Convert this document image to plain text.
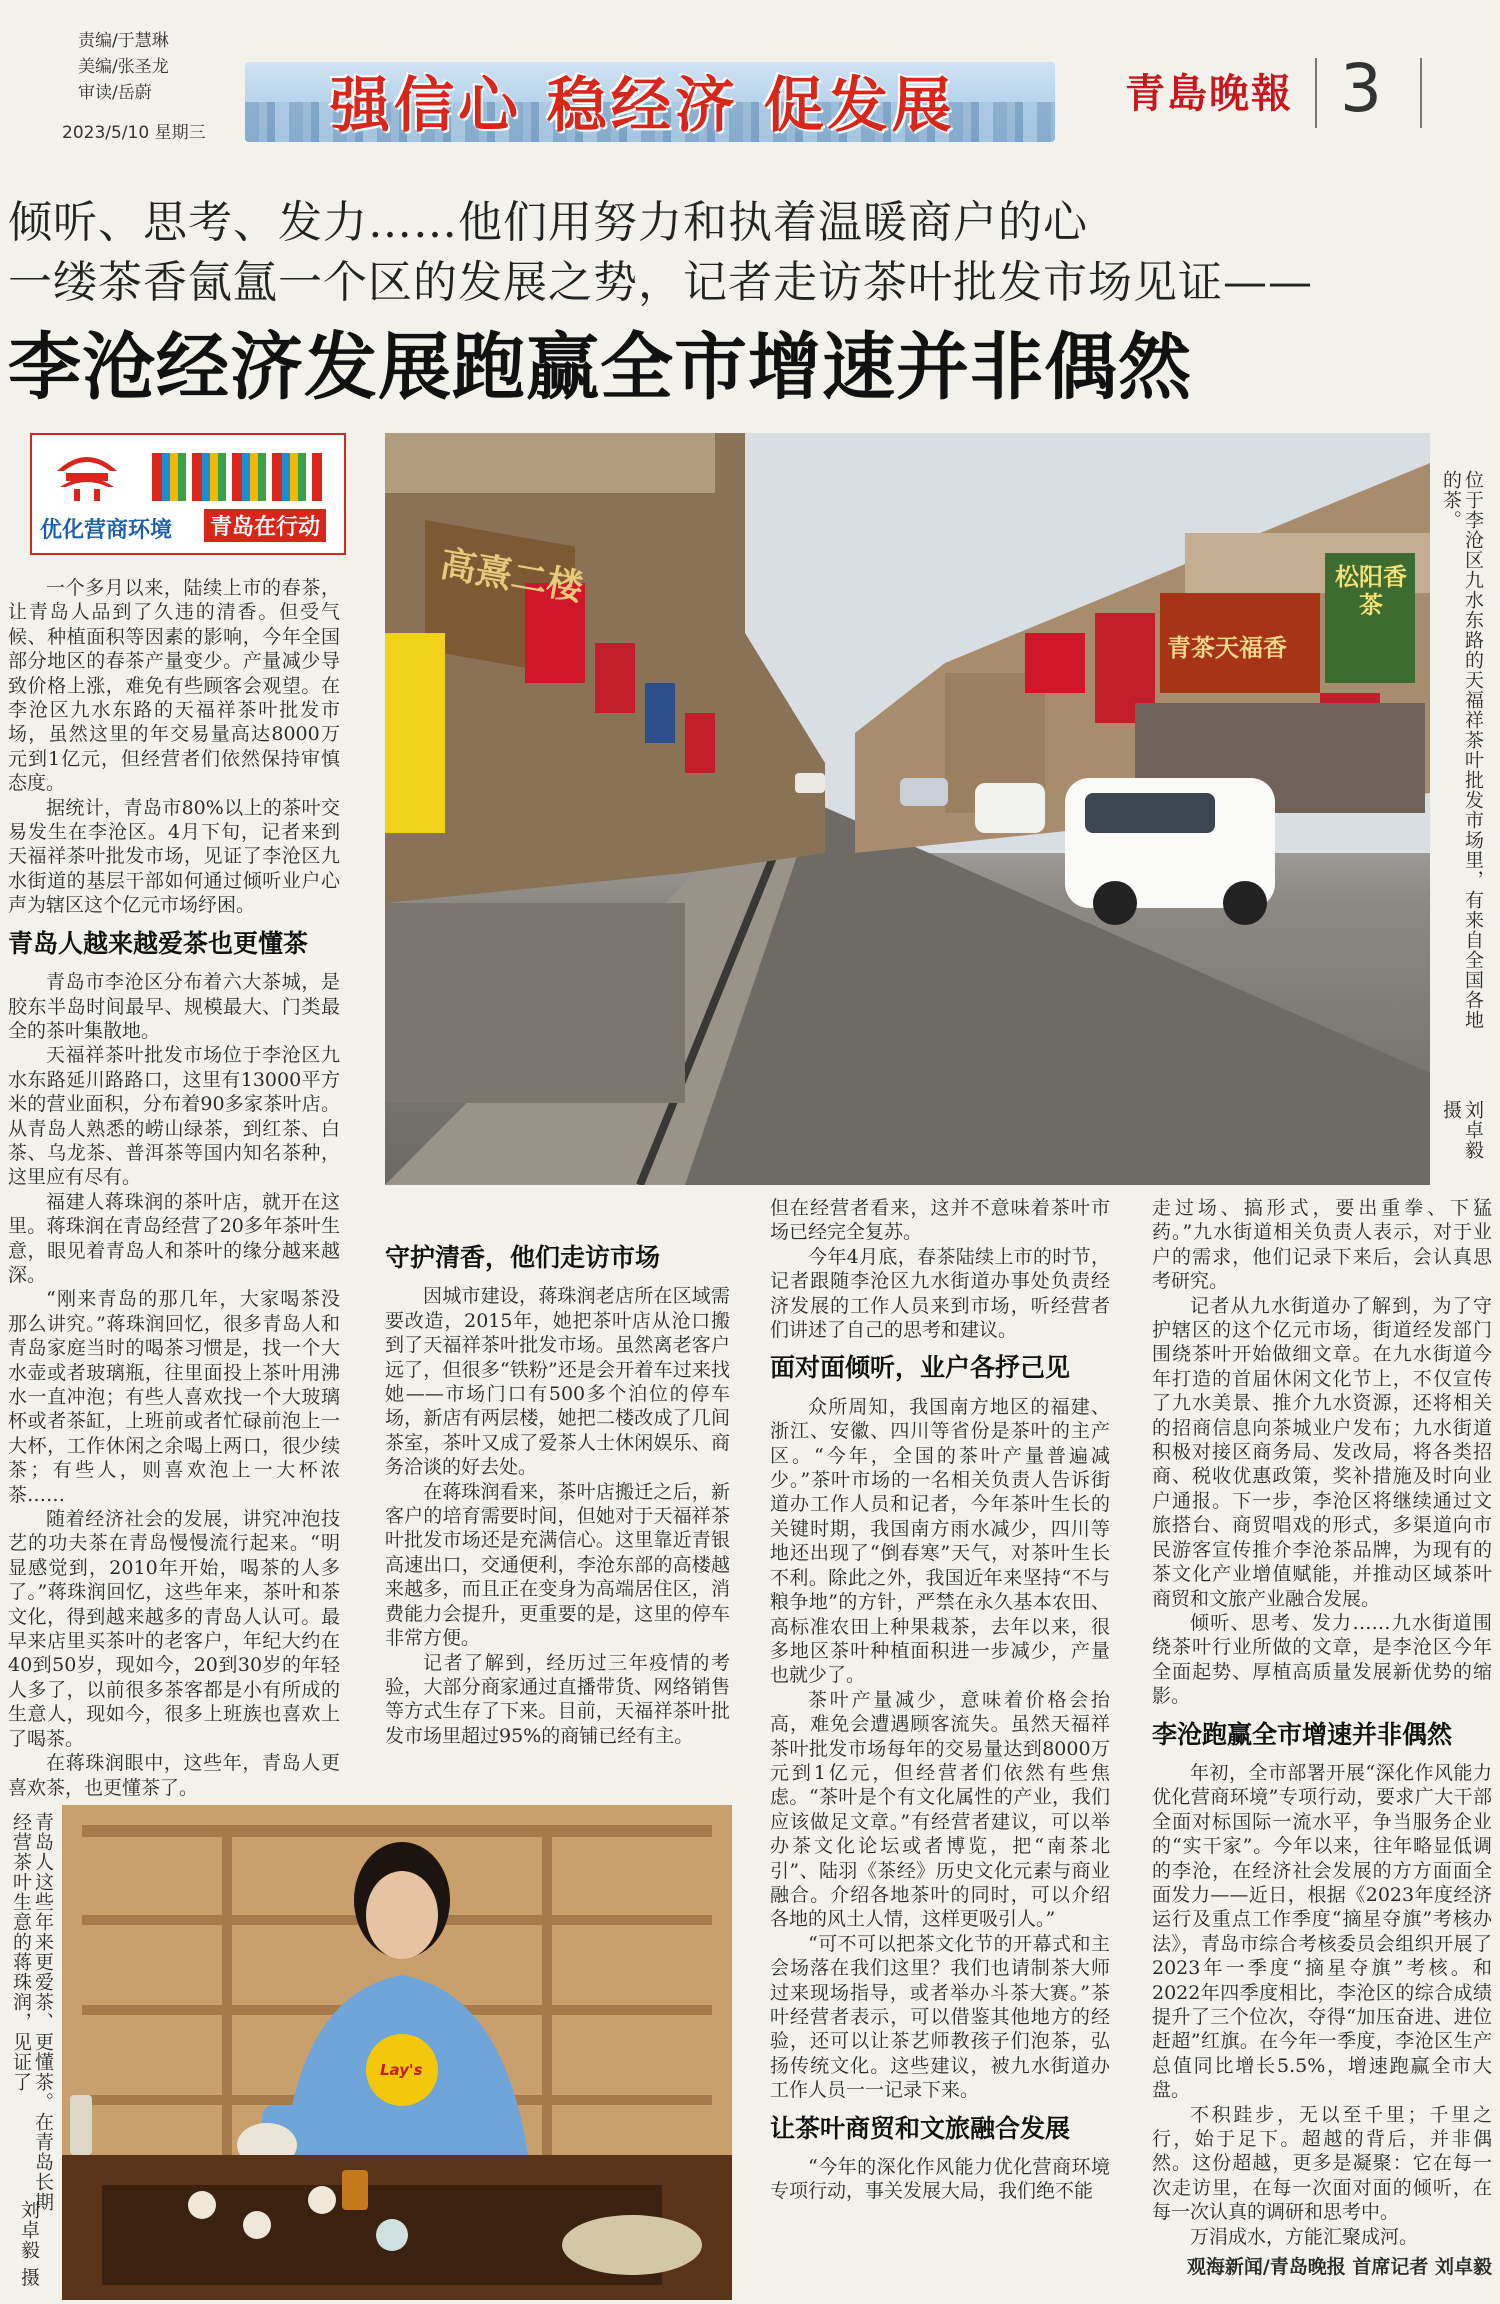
责编/于慧琳
美编/张圣龙
审读/岳蔚
2023/5/10 星期三 强信心 稳经济 促发展	青島晚報 3
倾听、思考、发力……他们用努力和执着温暖商户的心
一缕茶香氤氲一个区的发展之势，记者走访茶叶批发市场见证——
李沧经济发展跑赢全市增速并非偶然
优化营商环境 青岛在行动

一个多月以来，陆续上市的春茶，让青岛人品到了久违的清香。但受气候、种植面积等因素的影响，今年全国部分地区的春茶产量变少。产量减少导致价格上涨，难免有些顾客会观望。在李沧区九水东路的天福祥茶叶批发市场，虽然这里的年交易量高达8000万元到1亿元，但经营者们依然保持审慎态度。

据统计，青岛市80%以上的茶叶交易发生在李沧区。4月下旬，记者来到天福祥茶叶批发市场，见证了李沧区九水街道的基层干部如何通过倾听业户心声为辖区这个亿元市场纾困。

青岛人越来越爱茶也更懂茶

青岛市李沧区分布着六大茶城，是胶东半岛时间最早、规模最大、门类最全的茶叶集散地。

天福祥茶叶批发市场位于李沧区九水东路延川路路口，这里有13000平方米的营业面积，分布着90多家茶叶店。从青岛人熟悉的崂山绿茶，到红茶、白茶、乌龙茶、普洱茶等国内知名茶种，这里应有尽有。

福建人蒋珠润的茶叶店，就开在这里。蒋珠润在青岛经营了20多年茶叶生意，眼见着青岛人和茶叶的缘分越来越深。

“刚来青岛的那几年，大家喝茶没那么讲究。”蒋珠润回忆，很多青岛人和青岛家庭当时的喝茶习惯是，找一个大水壶或者玻璃瓶，往里面投上茶叶用沸水一直冲泡；有些人喜欢找一个大玻璃杯或者茶缸，上班前或者忙碌前泡上一大杯，工作休闲之余喝上两口，很少续茶；有些人，则喜欢泡上一大杯浓茶……

随着经济社会的发展，讲究冲泡技艺的功夫茶在青岛慢慢流行起来。“明显感觉到，2010年开始，喝茶的人多了。”蒋珠润回忆，这些年来，茶叶和茶文化，得到越来越多的青岛人认可。最早来店里买茶叶的老客户，年纪大约在40到50岁，现如今，20到30岁的年轻人多了，以前很多茶客都是小有所成的生意人，现如今，很多上班族也喜欢上了喝茶。

在蒋珠润眼中，这些年，青岛人更喜欢茶，也更懂茶了。

高熹二楼	松阳香茶
青茶天福香	位于李沧区九水东路的天福祥茶叶批发市场里，有来自全国各地的茶。
刘卓毅 摄
守护清香，他们走访市场

因城市建设，蒋珠润老店所在区域需要改造，2015年，她把茶叶店从沧口搬到了天福祥茶叶批发市场。虽然离老客户远了，但很多“铁粉”还是会开着车过来找她——市场门口有500多个泊位的停车场，新店有两层楼，她把二楼改成了几间茶室，茶叶又成了爱茶人士休闲娱乐、商务洽谈的好去处。

在蒋珠润看来，茶叶店搬迁之后，新客户的培育需要时间，但她对于天福祥茶叶批发市场还是充满信心。这里靠近青银高速出口，交通便利，李沧东部的高楼越来越多，而且正在变身为高端居住区，消费能力会提升，更重要的是，这里的停车非常方便。

记者了解到，经历过三年疫情的考验，大部分商家通过直播带货、网络销售等方式生存了下来。目前，天福祥茶叶批发市场里超过95%的商铺已经有主。

Lay's
青岛人这些年来更爱茶、更懂茶。在青岛长期经营茶叶生意的蒋珠润，见证了
刘卓毅 摄

但在经营者看来，这并不意味着茶叶市场已经完全复苏。

今年4月底，春茶陆续上市的时节，记者跟随李沧区九水街道办事处负责经济发展的工作人员来到市场，听经营者们讲述了自己的思考和建议。

面对面倾听，业户各抒己见

众所周知，我国南方地区的福建、浙江、安徽、四川等省份是茶叶的主产区。“今年，全国的茶叶产量普遍减少。”茶叶市场的一名相关负责人告诉街道办工作人员和记者，今年茶叶生长的关键时期，我国南方雨水减少，四川等地还出现了“倒春寒”天气，对茶叶生长不利。除此之外，我国近年来坚持“不与粮争地”的方针，严禁在永久基本农田、高标准农田上种果栽茶，去年以来，很多地区茶叶种植面积进一步减少，产量也就少了。

茶叶产量减少，意味着价格会抬高，难免会遭遇顾客流失。虽然天福祥茶叶批发市场每年的交易量达到8000万元到1亿元，但经营者们依然有些焦虑。“茶叶是个有文化属性的产业，我们应该做足文章。”有经营者建议，可以举办茶文化论坛或者博览，把“南茶北引”、陆羽《茶经》历史文化元素与商业融合。介绍各地茶叶的同时，可以介绍各地的风土人情，这样更吸引人。”

“可不可以把茶文化节的开幕式和主会场落在我们这里？我们也请制茶大师过来现场指导，或者举办斗茶大赛。”茶叶经营者表示，可以借鉴其他地方的经验，还可以让茶艺师教孩子们泡茶，弘扬传统文化。这些建议，被九水街道办工作人员一一记录下来。

让茶叶商贸和文旅融合发展

“今年的深化作风能力优化营商环境专项行动，事关发展大局，我们绝不能

走过场、搞形式，要出重拳、下猛药。”九水街道相关负责人表示，对于业户的需求，他们记录下来后，会认真思考研究。

记者从九水街道办了解到，为了守护辖区的这个亿元市场，街道经发部门围绕茶叶开始做细文章。在九水街道今年打造的首届休闲文化节上，不仅宣传了九水美景、推介九水资源，还将相关的招商信息向茶城业户发布；九水街道积极对接区商务局、发改局，将各类招商、税收优惠政策，奖补措施及时向业户通报。下一步，李沧区将继续通过文旅搭台、商贸唱戏的形式，多渠道向市民游客宣传推介李沧茶品牌，为现有的茶文化产业增值赋能，并推动区域茶叶商贸和文旅产业融合发展。

倾听、思考、发力……九水街道围绕茶叶行业所做的文章，是李沧区今年全面起势、厚植高质量发展新优势的缩影。

李沧跑赢全市增速并非偶然

年初，全市部署开展“深化作风能力优化营商环境”专项行动，要求广大干部全面对标国际一流水平，争当服务企业的“实干家”。今年以来，往年略显低调的李沧，在经济社会发展的方方面面全面发力——近日，根据《2023年度经济运行及重点工作季度“摘星夺旗”考核办法》，青岛市综合考核委员会组织开展了2023年一季度“摘星夺旗”考核。和2022年四季度相比，李沧区的综合成绩提升了三个位次，夺得“加压奋进、进位赶超”红旗。在今年一季度，李沧区生产总值同比增长5.5%，增速跑赢全市大盘。

不积跬步，无以至千里；千里之行，始于足下。超越的背后，并非偶然。这份超越，更多是凝聚：它在每一次走访里，在每一次面对面的倾听，在每一次认真的调研和思考中。

万涓成水，方能汇聚成河。

观海新闻/青岛晚报 首席记者 刘卓毅
